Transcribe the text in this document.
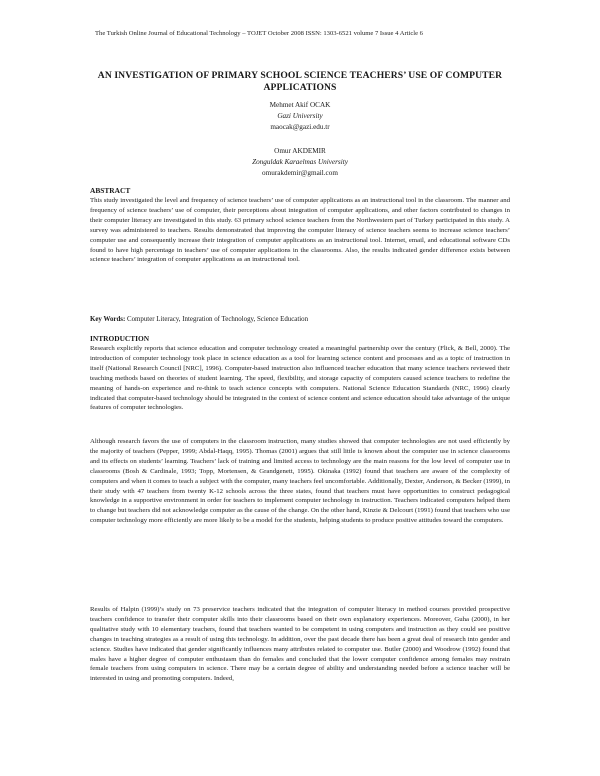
The Turkish Online Journal of Educational Technology – TOJET October 2008 ISSN: 1303-6521 volume 7 Issue 4 Article 6
AN INVESTIGATION OF PRIMARY SCHOOL SCIENCE TEACHERS’ USE OF COMPUTER APPLICATIONS
Mehmet Akif OCAK
Gazi University
maocak@gazi.edu.tr
Omur AKDEMIR
Zonguldak Karaelmas University
omurakdemir@gmail.com
ABSTRACT

This study investigated the level and frequency of science teachers’ use of computer applications as an instructional tool in the classroom. The manner and frequency of science teachers’ use of computer, their perceptions about integration of computer applications, and other factors contributed to changes in their computer literacy are investigated in this study. 63 primary school science teachers from the Northwestern part of Turkey participated in this study. A survey was administered to teachers. Results demonstrated that improving the computer literacy of science teachers seems to increase science teachers’ computer use and consequently increase their integration of computer applications as an instructional tool. Internet, email, and educational software CDs found to have high percentage in teachers’ use of computer applications in the classrooms. Also, the results indicated gender difference exists between science teachers’ integration of computer applications as an instructional tool.

Key Words: Computer Literacy, Integration of Technology, Science Education
INTRODUCTION

Research explicitly reports that science education and computer technology created a meaningful partnership over the century (Flick, & Bell, 2000). The introduction of computer technology took place in science education as a tool for learning science content and processes and as a topic of instruction in itself (National Research Council [NRC], 1996). Computer-based instruction also influenced teacher education that many science teachers reviewed their teaching methods based on theories of student learning. The speed, flexibility, and storage capacity of computers caused science teachers to redefine the meaning of hands-on experience and re-think to teach science concepts with computers. National Science Education Standards (NRC, 1996) clearly indicated that computer-based technology should be integrated in the context of science content and science education should take advantage of the unique features of computer technologies.

Although research favors the use of computers in the classroom instruction, many studies showed that computer technologies are not used efficiently by the majority of teachers (Pepper, 1999; Abdal-Haqq, 1995). Thomas (2001) argues that still little is known about the computer use in science classrooms and its effects on students’ learning. Teachers’ lack of training and limited access to technology are the main reasons for the low level of computer use in classrooms (Bosh & Cardinale, 1993; Topp, Mortensen, & Grandgenett, 1995). Okinaka (1992) found that teachers are aware of the complexity of computers and when it comes to teach a subject with the computer, many teachers feel uncomfortable. Additionally, Dexter, Anderson, & Becker (1999), in their study with 47 teachers from twenty K-12 schools across the three states, found that teachers must have opportunities to construct pedagogical knowledge in a supportive environment in order for teachers to implement computer technology in instruction. Teachers indicated computers helped them to change but teachers did not acknowledge computer as the cause of the change. On the other hand, Kinzie & Delcourt (1991) found that teachers who use computer technology more efficiently are more likely to be a model for the students, helping students to produce positive attitudes toward the computers.

Results of Halpin (1999)’s study on 73 preservice teachers indicated that the integration of computer literacy in method courses provided prospective teachers confidence to transfer their computer skills into their classrooms based on their own explanatory experiences. Moreover, Guha (2000), in her qualitative study with 10 elementary teachers, found that teachers wanted to be competent in using computers and instruction as they could see positive changes in teaching strategies as a result of using this technology. In addition, over the past decade there has been a great deal of research into gender and science. Studies have indicated that gender significantly influences many attributes related to computer use. Butler (2000) and Woodrow (1992) found that males have a higher degree of computer enthusiasm than do females and concluded that the lower computer confidence among females may restrain female teachers from using computers in science. There may be a certain degree of ability and understanding needed before a science teacher will be interested in using and promoting computers. Indeed,
